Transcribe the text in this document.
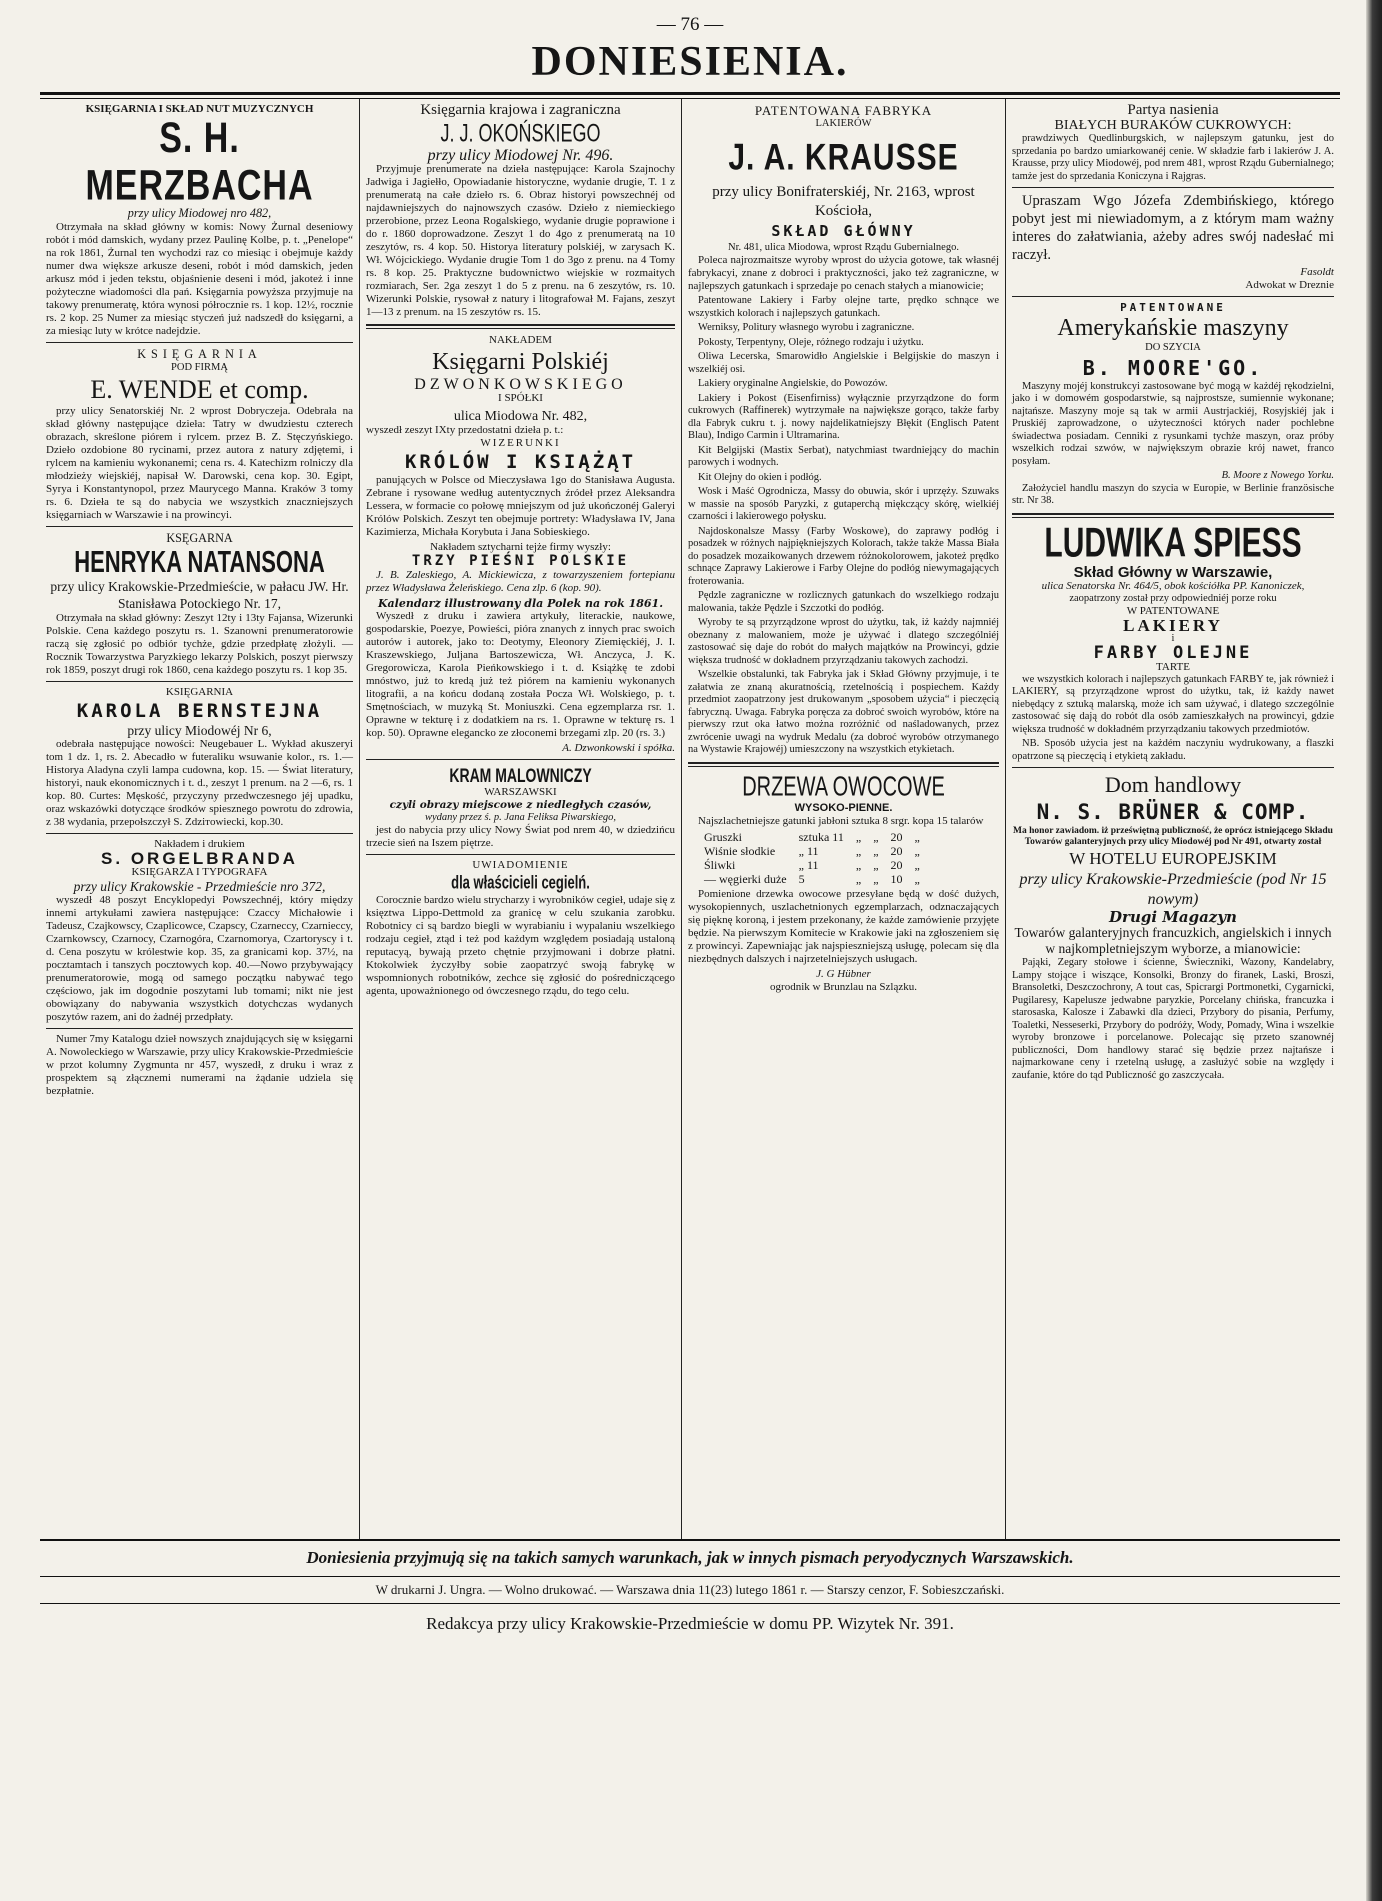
— 76 —
DONIESIENIA.
KSIĘGARNIA I SKŁAD NUT MUZYCZNYCH
S. H. MERZBACHA
przy ulicy Miodowej nro 482,

Otrzymała na skład główny w komis: Nowy Żurnal deseniowy robót i mód damskich, wydany przez Paulinę Kolbe, p. t. „Penelope“ na rok 1861, Żurnal ten wychodzi raz co miesiąc i obejmuje każdy numer dwa większe arkusze deseni, robót i mód damskich, jeden arkusz mód i jeden tekstu, objaśnienie deseni i mód, jakoteż i inne pożyteczne wiadomości dla pań. Księgarnia powyższa przyjmuje na takowy prenumeratę, która wynosi półrocznie rs. 1 kop. 12½, rocznie rs. 2 kop. 25 Numer za miesiąc styczeń już nadszedł do księgarni, a za miesiąc luty w krótce nadejdzie.

KSIĘGARNIA
POD FIRMĄ
E. WENDE et comp.

przy ulicy Senatorskiéj Nr. 2 wprost Dobryczeja. Odebrała na skład główny następujące dzieła: Tatry w dwudziestu czterech obrazach, skreślone piórem i rylcem. przez B. Z. Stęczyńskiego. Dzieło ozdobione 80 rycinami, przez autora z natury zdjętemi, i rylcem na kamieniu wykonanemi; cena rs. 4. Katechizm rolniczy dla młodzieży wiejskiéj, napisał W. Darowski, cena kop. 30. Egipt, Syrya i Konstantynopol, przez Maurycego Manna. Kraków 3 tomy rs. 6. Dzieła te są do nabycia we wszystkich znaczniejszych księgarniach w Warszawie i na prowincyi.

KSĘGARNA
HENRYKA NATANSONA
przy ulicy Krakowskie-Przedmieście, w pałacu JW. Hr. Stanisława Potockiego Nr. 17,

Otrzymała na skład główny: Zeszyt 12ty i 13ty Fajansa, Wizerunki Polskie. Cena każdego poszytu rs. 1. Szanowni prenumeratorowie raczą się zgłosić po odbiór tychże, gdzie przedpłatę złożyli. — Rocznik Towarzystwa Paryzkiego lekarzy Polskich, poszyt pierwszy rok 1859, poszyt drugi rok 1860, cena każdego poszytu rs. 1 kop 35.

KSIĘGARNIA
KAROLA BERNSTEJNA
przy ulicy Miodowéj Nr 6,

odebrała następujące nowości: Neugebauer L. Wykład akuszeryi tom 1 dz. 1, rs. 2. Abecadło w futeraliku wsuwanie kolor., rs. 1.— Historya Aladyna czyli lampa cudowna, kop. 15. — Świat literatury, historyi, nauk ekonomicznych i t. d., zeszyt 1 prenum. na 2 —6, rs. 1 kop. 80. Curtes: Męskość, przyczyny przedwczesnego jéj upadku, oraz wskazówki dotyczące środków spiesznego powrotu do zdrowia, z 38 wydania, przepołszczył S. Zdziтowiecki, kop.30.

Nakładem i drukiem
S. ORGELBRANDA
KSIĘGARZA I TYPOGRAFA
przy ulicy Krakowskie - Przedmieście nro 372,

wyszedł 48 poszyt Encyklopedyi Powszechnéj, który między innemi artykułami zawiera następujące: Czaccy Michałowie i Tadeusz, Czajkowscy, Czaplicowce, Czapscy, Czarneccy, Czarnieccy, Czarnkowscy, Czarnocy, Czarnogóra, Czarnomorya, Czartoryscy i t. d. Cena poszytu w królestwie kop. 35, za granicami kop. 37½, na pocztamtach i tanszych pocztowych kop. 40.—Nowo przybywający prenumeratorowie, mogą od samego początku nabywać tego częściowo, jak im dogodnie poszytami lub tomami; nikt nie jest obowiązany do nabywania wszystkich dotychczas wydanych poszytów razem, ani do żadnéj przedpłaty.

Numer 7my Katalogu dzieł nowszych znajdujących się w księgarni A. Nowoleckiego w Warszawie, przy ulicy Krakowskie-Przedmieście w przot kolumny Zygmunta nr 457, wyszedł, z druku i wraz z prospektem są złącznemi numerami na żądanie udzielа się bezpłatnie.

Księgarnia krajowa i zagraniczna
J. J. OKOŃSKIEGO
przy ulicy Miodowej Nr. 496.

Przyjmuje prenumerate na dzieła następujące: Karola Szajnochy Jadwiga i Jagiełło, Opowiadanie historyczne, wydanie drugie, T. 1 z prenumeratą na całe dzieło rs. 6. Obraz historyi powszechnéj od najdawniejszych do najnowszych czasów. Dzieło z niemieckiego przerobione, przez Leona Rogalskiego, wydanie drugie poprawione i do r. 1860 doprowadzone. Zeszyt 1 do 4go z prenumeratą na 10 zeszytów, rs. 4 kop. 50. Historya literatury polskiéj, w zarysach K. Wł. Wójcickiego. Wydanie drugie Tom 1 do 3go z prenu. na 4 Tomy rs. 8 kop. 25. Praktyczne budownictwo wiejskie w rozmaitych rozmiarach, Ser. 2ga zeszyt 1 do 5 z prenu. na 6 zeszytów, rs. 10. Wizerunki Polskie, rysował z natury i litografował M. Fajans, zeszyt 1—13 z prenum. na 15 zeszytów rs. 15.

NAKŁADEM
Księgarni Polskiéj
DZWONKOWSKIEGO
I SPÓŁKI
ulica Miodowa Nr. 482,
wyszedł zeszyt IXty przedostatni dzieła p. t.:
WIZERUNKI
KRÓLÓW I KSIĄŻĄT

panujących w Polsce od Mieczysława 1go do Stanisława Augusta. Zebrane i rysowane według autentycznych źródeł przez Aleksandra Lessera, w formacie co połowę mniejszym od już ukończonéj Galeryi Królów Polskich. Zeszyt ten obejmuje portrety: Władysława IV, Jana Kazimierza, Michała Korybuta i Jana Sobieskiego.

Nakładem sztycharni tejże firmy wyszły:
TRZY PIEŚNI POLSKIE

J. B. Zaleskiego, A. Mickiewicza, z towarzyszeniem fortepianu przez Władysława Żeleńskiego. Cena zlp. 6 (kop. 90).

Kalendarz illustrowany dla Polek na rok 1861.

Wyszedł z druku i zawiera artykuły, literackie, naukowe, gospodarskie, Poezye, Powieści, pióra znanych z innych prac swoich autorów i autorek, jako to: Deotymy, Eleonory Ziemięckiéj, J. I. Kraszewskiego, Juljana Bartoszewicza, Wł. Anczyca, J. K. Gregorowicza, Karola Pieńkowskiego i t. d. Książkę te zdobi mnóstwo, już to kredą już też piórem na kamieniu wykonanych litografii, a na końcu dodaną została Pocza Wł. Wolskiego, p. t. Smętnościach, w muzyką St. Moniuszki. Cena egzemplarza rsr. 1. Oprawne w tekturę i z dodatkiem na rs. 1. Oprawne w tekturę rs. 1 kop. 50). Oprawne eleganckо ze złoconemi brzegami zlp. 20 (rs. 3.)

A. Dzwonkowski i spółka.
KRAM MALOWNICZY
WARSZAWSKI
czyli obrazy miejscowe z niedległych czasów,
wydany przez ś. p. Jana Feliksa Piwarskiego,

jest do nabycia przy ulicy Nowy Świat pod nrem 40, w dziedzińcu trzecie sień na Iszem piętrze.

UWIADOMIENIE
dla właścicieli cegielń.

Corocznie bardzo wielu strycharzy i wyrobników cegieł, udaje się z księztwa Lippo-Dettmold za granicę w celu szukania zarobku. Robotnicy ci są bardzo biegli w wyrabianiu i wypalaniu wszelkiego rodzaju cegieł, ztąd i też pod każdym względem posiadają ustaloną reputacyą, bywają przeto chętnie przyjmowani i dobrze płatni. Ktokolwiek życzyłby sobie zaopatrzyć swoją fabrykę w wspomnionych robotników, zechce się zgłosić do pośredniczącego agenta, upoważnionego od ówczesnego rządu, do tego celu.

PATENTOWANA FABRYKA
LAKIERÓW
J. A. KRAUSSE
przy ulicy Bonifraterskiéj, Nr. 2163, wprost Kościoła,
SKŁAD GŁÓWNY
Nr. 481, ulica Miodowa, wprost Rządu Gubernialnego.

Poleca najrozmaitsze wyroby wprost do użycia gotowe, tak własnéj fabrykacyi, znane z dobroci i praktyczności, jako też zagraniczne, w najlepszych gatunkach i sprzedaje po cenach stałych a mianowicie;

Patentowane Lakiery i Farby olejne tarte, prędko schnące we wszystkich kolorach i najlepszych gatunkach.

Werniksy, Politury własnego wyrobu i zagraniczne.

Pokosty, Terpentyny, Oleje, różnego rodzaju i użytku.

Oliwa Lecerska, Smarowidło Angielskie i Belgijskie do maszyn i wszelkiéj osi.

Lakiery oryginalne Angielskie, do Powozów.

Lakiery i Pokost (Eisenfirniss) wyłącznie przyrządzone do form cukrowych (Raffinerek) wytrzymałe na największe gorąco, także farby dla Fabryk cukru t. j. nowy najdelikatniejszy Błękit (Englisch Patent Blau), Indigo Carmin i Ultramarina.

Kit Belgijski (Mastix Serbat), natychmiast twardniejący do machin parowych i wodnych.

Kit Olejny do okien i podłóg.

Wosk i Maść Ogrodnicza, Massy do obuwia, skór i uprzęży. Szuwaks w massie na sposób Paryzki, z gutaperchą miękczący skórę, wielkiéj czarności i lakierowego połysku.

Najdoskonalsze Massy (Farby Woskowe), do zaprawy podłóg i posadzek w różnych najpiękniejszych Kolorach, także także Massa Biała do posadzek mozaikowanych drzewem różnokolorowem, jakoteż prędko schnące Zaprawy Lakierowe i Farby Olejne do podłóg niewymagających froterowania.

Pędzle zagraniczne w rozlicznych gatunkach do wszelkiego rodzaju malowania, także Pędzle i Szczotki do podłóg.

Wyroby te są przyrządzone wprost do użytku, tak, iż każdy najmniéj obeznany z malowaniem, może je używać i dlatego szczególniéj zastosować się daje do robót do małych majątków na Prowincyi, gdzie większa trudność w dokładnem przyrządzaniu takowych zachodzi.

Wszelkie obstalunki, tak Fabryka jak i Skład Główny przyjmuje, i te załatwia ze znaną akuratnością, rzetelnością i pospiechem. Każdy przedmiot zaopatrzony jest drukowanym „sposobem użycia“ i pieczęcią fabryczną. Uwaga. Fabryka poręcza za dobroć swoich wyrobów, które na pierwszy rzut oka łatwo można rozróżnić od naśladowanych, przez zwrócenie uwagi na wydruk Medalu (za dobroć wyrobów otrzymanego na Wystawie Krajowéj) umieszczony na wszystkich etykietach.

DRZEWA OWOCOWE
WYSOKO-PIENNE.

Najszlachetniejsze gatunki jabłoni sztuka 8 srgr. kopa 15 talarów

Gruszki	sztuka 11	„	„	20	„
Wiśnie słodkie	„ 11	„	„	20	„
Śliwki	„ 11	„	„	20	„
— węgierki duże	5	„	„	10	„

Pomienione drzewka owocowe przesyłane będą w dość dużych, wysokopiennych, uszlachetnionych egzemplarzach, odznaczających się pięknę koroną, i jestem przekonany, że każde zamówienie przyjęte będzie. Na pierwszym Komitecie w Krakowie jaki na zgłoszeniem się z prowincyi. Zapewniając jak najspieszniejszą usługę, polecam się dla niezbędnych dalszych i najrzetelniejszych usługach.

J. G Hübner
ogrodnik w Brunzlau na Szlązku.
Partya nasienia
BIAŁYCH BURAKÓW CUKROWYCH:

prawdziwych Quedlinburgskich, w najlepszym gatunku, jest do sprzedania po bardzo umiarkowanéj cenie. W składzie farb i lakierów J. A. Krausse, przy ulicy Miodowéj, pod nrem 481, wprost Rządu Gubernialnego; tamże jest do sprzedania Koniczyna i Rajgras.

Upraszam Wgo Józefa Zdembińskiego, którego pobyt jest mi niewiadomym, a z którym mam ważny interes do załatwiania, ażeby adres swój nadesłać mi raczył.

Fasoldt
Adwokat w Dreznie
PATENTOWANE
Amerykańskie maszyny
DO SZYCIA
B. MOORE'GO.

Maszyny mojéj konstrukcyi zastosowane być mogą w każdéj rękodzielni, jako i w domowém gospodarstwie, są najprostsze, sumiennie wykonane; najtańsze. Maszyny moje są tak w armii Austrjackiéj, Rosyjskiéj jak i Pruskiéj zaprowadzone, o użyteczności których nader pochlebne świadectwa posiadam. Cenniki z rysunkami tychże maszyn, oraz próby wszelkich rodzai szwów, w największym obrazie krój nawet, franco posyłam.

B. Moore z Nowego Yorku.

Założyciel handlu maszyn do szycia w Europie, w Berlinie französische str. Nr 38.

LUDWIKA SPIESS
Skład Główny w Warszawie,
ulica Senatorska Nr. 464/5, obok kościółka PP. Kanoniczek,
zaopatrzony został przy odpowiedniéj porze roku
W PATENTOWANE
LAKIERY
i
FARBY OLEJNE
TARTE

we wszystkich kolorach i najlepszych gatunkach FARBY te, jak również i LAKIERY, są przyrządzone wprost do użytku, tak, iż każdy nawet niebędący z sztuką malarską, może ich sam używać, i dlatego szczególnie zastosować się dają do robót dla osób zamieszkałych na prowincyi, gdzie większa trudność w dokładném przyrządzaniu takowych przedmiotów.

NB. Sposób użycia jest na każdém naczyniu wydrukowany, a flaszki opatrzone są pieczęcią i etykietą zakładu.

Dom handlowy
N. S. BRÜNER & COMP.
Ma honor zawiadom. iż przeświętną publiczność, że oprócz istniejącego Składu Towarów galanteryjnych przy ulicy Miodowéj pod Nr 491, otwarty został
W HOTELU EUROPEJSKIM
przy ulicy Krakowskie-Przedmieście (pod Nr 15 nowym)
Drugi Magazyn
Towarów galanteryjnych francuzkich, angielskich i innych w najkompletniejszym wyborze, a mianowicie:

Pająki, Zegary stołowe i ścienne, Świeczniki, Wazony, Kandelabry, Lampy stojące i wiszące, Konsolki, Bronzy do firanek, Laski, Broszi, Bransoletki, Deszczochrony, A tout cas, Spicrargi Portmonetki, Cygarnicki, Pugilaresy, Kapelusze jedwabne paryzkie, Porcelany chińska, francuzka i starosaska, Kalosze i Zabawki dla dzieci, Przybory do pisania, Perfumy, Toaletki, Nesseserki, Przybory do podróży, Wody, Pomady, Wina i wszelkie wyroby bronzowe i porcelanowe. Polecając się przeto szanownéj publiczności, Dom handlowy starać się będzie przez najtańsze i najmarkowane ceny i rzetelną usługę, a zasłużyć sobie na względy i zaufanie, które do tąd Publiczność go zaszczycała.

Doniesienia przyjmują się na takich samych warunkach, jak w innych pismach peryodycznych Warszawskich.
W drukarni J. Ungra. — Wolno drukować. — Warszawa dnia 11(23) lutego 1861 r. — Starszy cenzor, F. Sobieszczański.
Redakcya przy ulicy Krakowskie-Przedmieście w domu PP. Wizytek Nr. 391.
